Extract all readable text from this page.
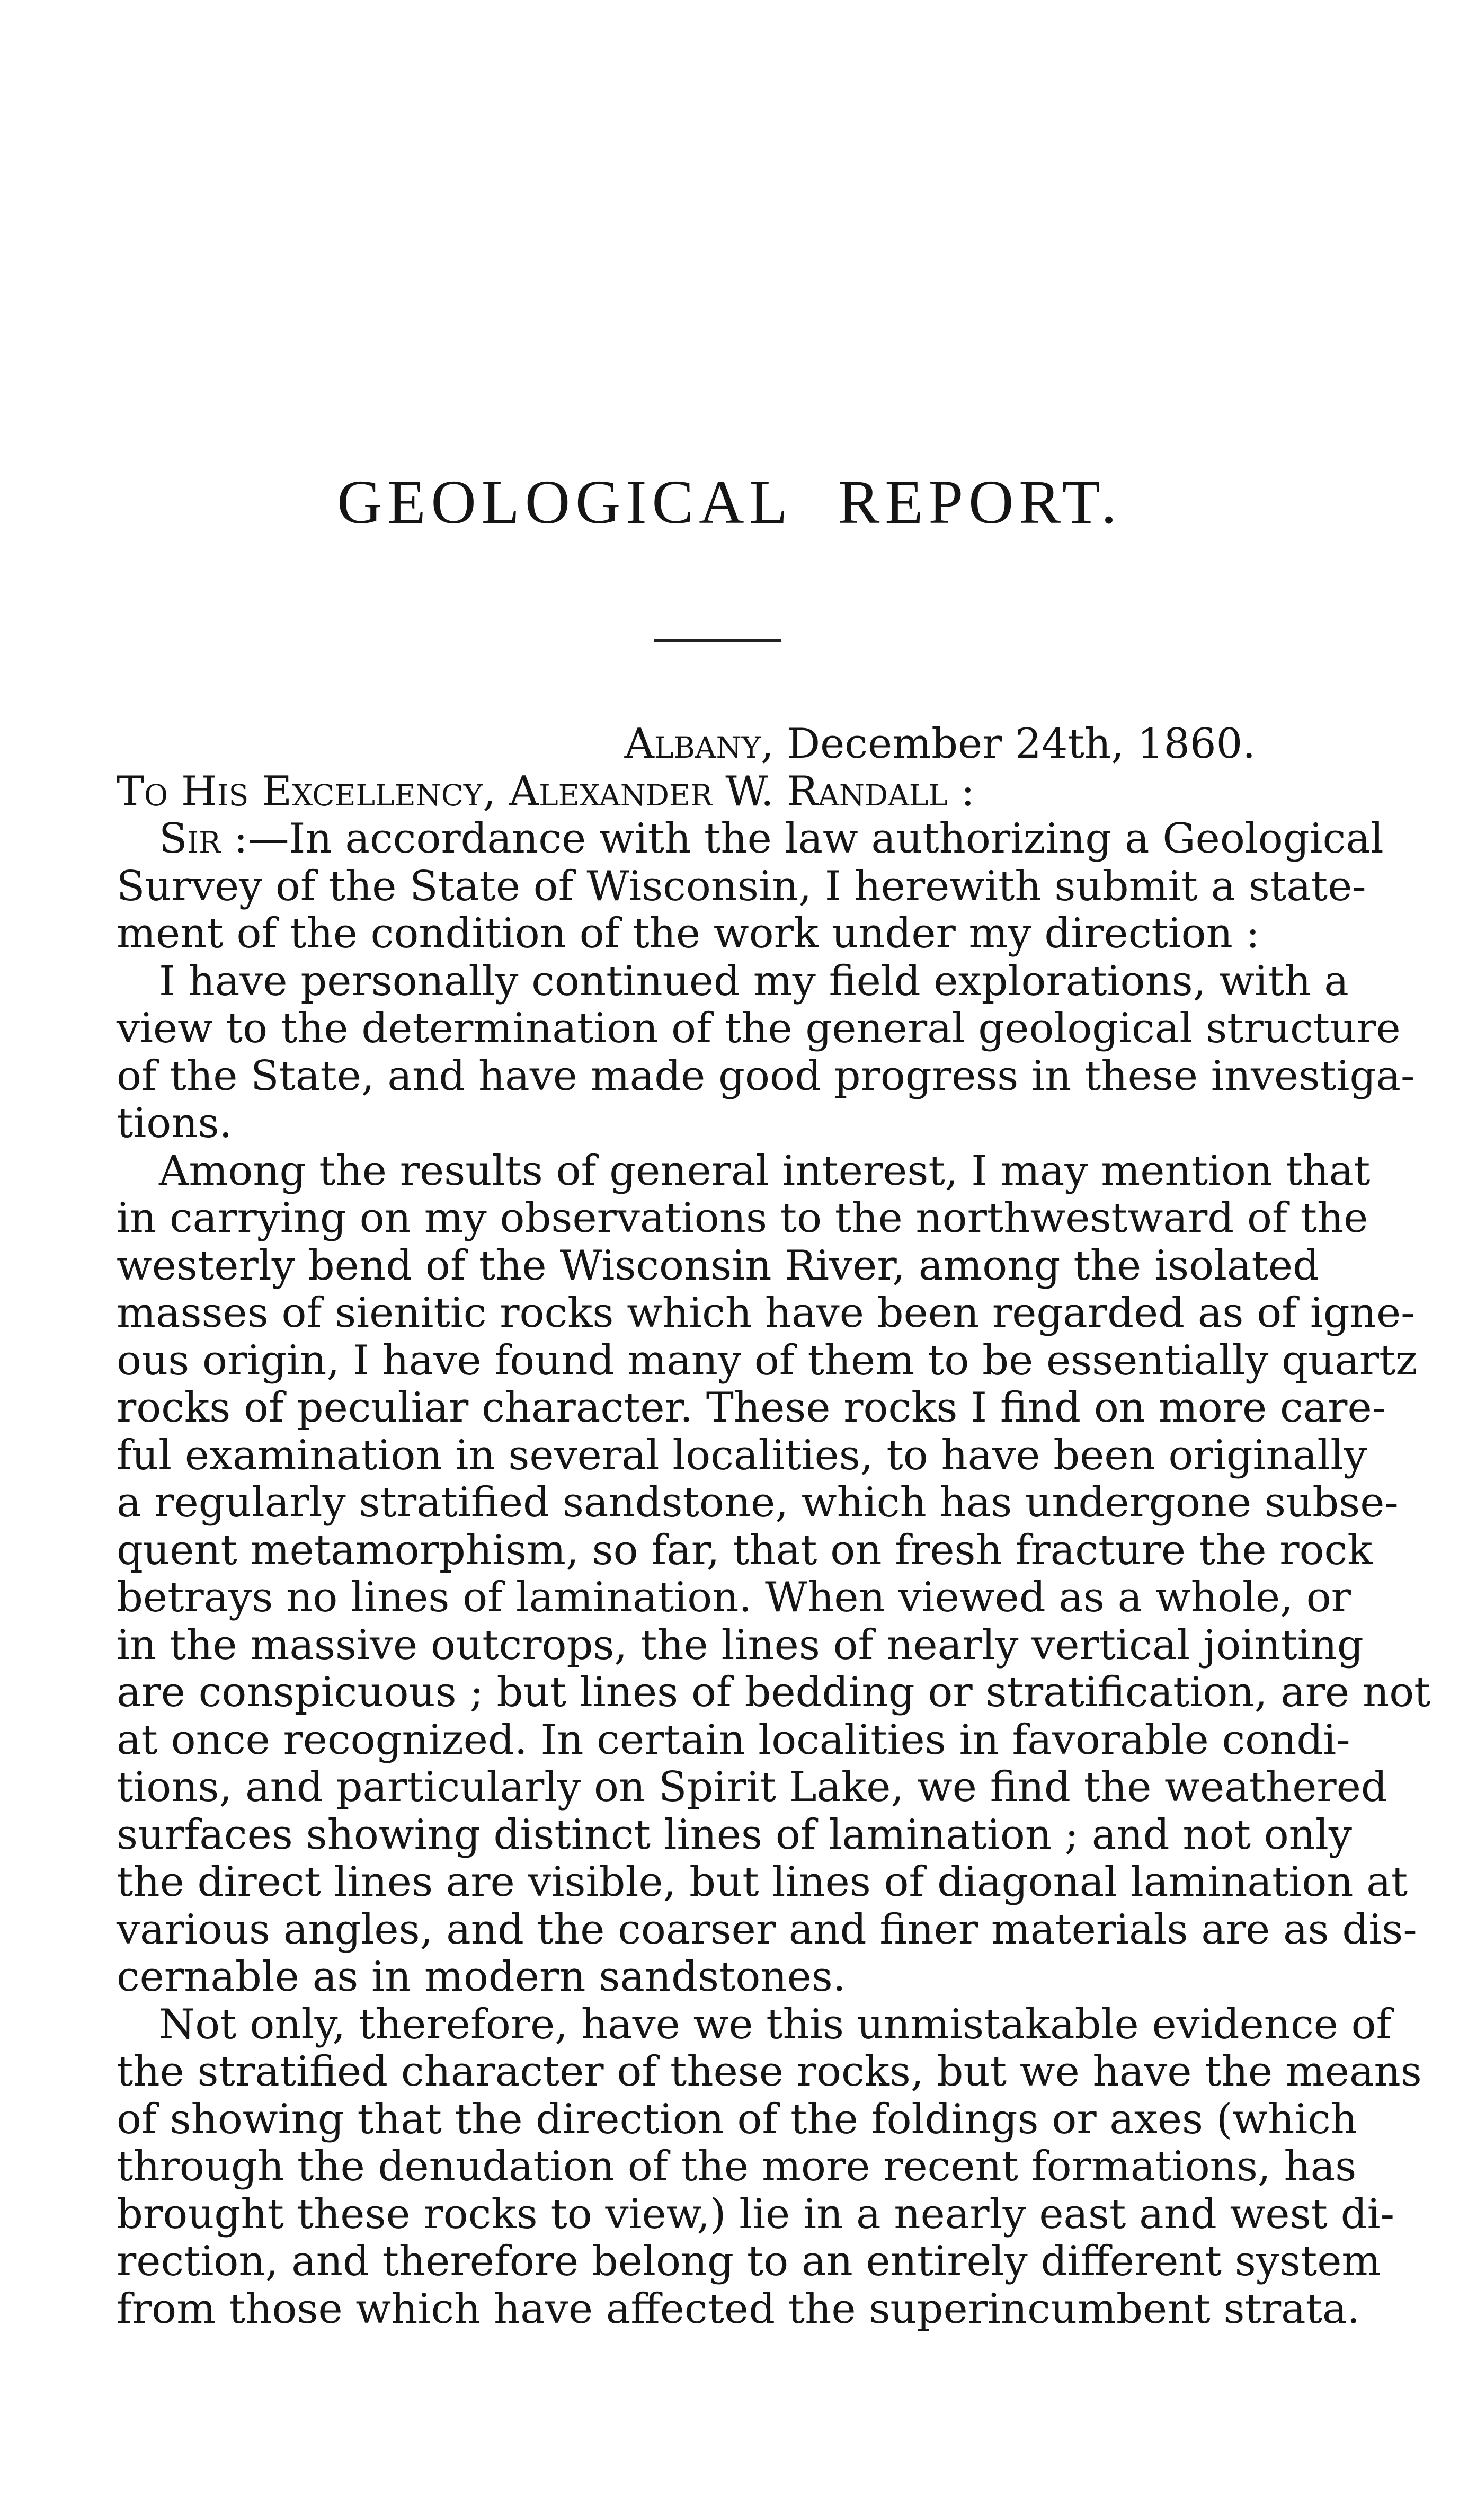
GEOLOGICAL REPORT.
Albany, December 24th, 1860.
To His Excellency, Alexander W. Randall :
Sir :—In accordance with the law authorizing a Geological
Survey of the State of Wisconsin, I herewith submit a state-
ment of the condition of the work under my direction :
I have personally continued my field explorations, with a
view to the determination of the general geological structure
of the State, and have made good progress in these investiga-
tions.
Among the results of general interest, I may mention that
in carrying on my observations to the northwestward of the
westerly bend of the Wisconsin River, among the isolated
masses of sienitic rocks which have been regarded as of igne-
ous origin, I have found many of them to be essentially quartz
rocks of peculiar character. These rocks I find on more care-
ful examination in several localities, to have been originally
a regularly stratified sandstone, which has undergone subse-
quent metamorphism, so far, that on fresh fracture the rock
betrays no lines of lamination. When viewed as a whole, or
in the massive outcrops, the lines of nearly vertical jointing
are conspicuous ; but lines of bedding or stratification, are not
at once recognized. In certain localities in favorable condi-
tions, and particularly on Spirit Lake, we find the weathered
surfaces showing distinct lines of lamination ; and not only
the direct lines are visible, but lines of diagonal lamination at
various angles, and the coarser and finer materials are as dis-
cernable as in modern sandstones.
Not only, therefore, have we this unmistakable evidence of
the stratified character of these rocks, but we have the means
of showing that the direction of the foldings or axes (which
through the denudation of the more recent formations, has
brought these rocks to view,) lie in a nearly east and west di-
rection, and therefore belong to an entirely different system
from those which have affected the superincumbent strata.
